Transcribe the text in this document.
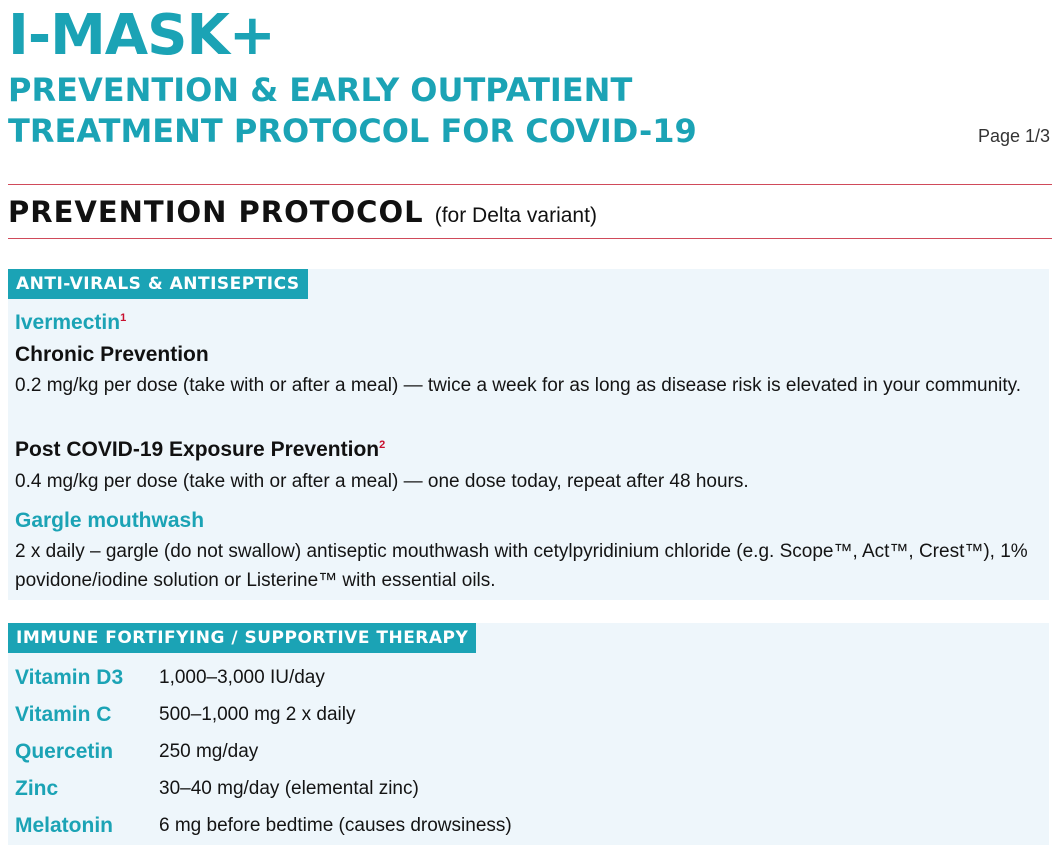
I-MASK+
PREVENTION & EARLY OUTPATIENT
TREATMENT PROTOCOL FOR COVID-19	Page 1/3
PREVENTION PROTOCOL (for Delta variant)
ANTI-VIRALS & ANTISEPTICS
Ivermectin$^1$
Chronic Prevention
0.2 mg/kg per dose (take with or after a meal) — twice a week for as long as disease risk is elevated in your community.
Post COVID-19 Exposure Prevention$^2$
0.4 mg/kg per dose (take with or after a meal) — one dose today, repeat after 48 hours.
Gargle mouthwash
2 x daily – gargle (do not swallow) antiseptic mouthwash with cetylpyridinium chloride (e.g. Scope™, Act™, Crest™), 1% povidone/iodine solution or Listerine™ with essential oils.
IMMUNE FORTIFYING / SUPPORTIVE THERAPY
Vitamin D3	1,000–3,000 IU/day
Vitamin C	500–1,000 mg 2 x daily
Quercetin	250 mg/day
Zinc	30–40 mg/day (elemental zinc)
Melatonin	6 mg before bedtime (causes drowsiness)
